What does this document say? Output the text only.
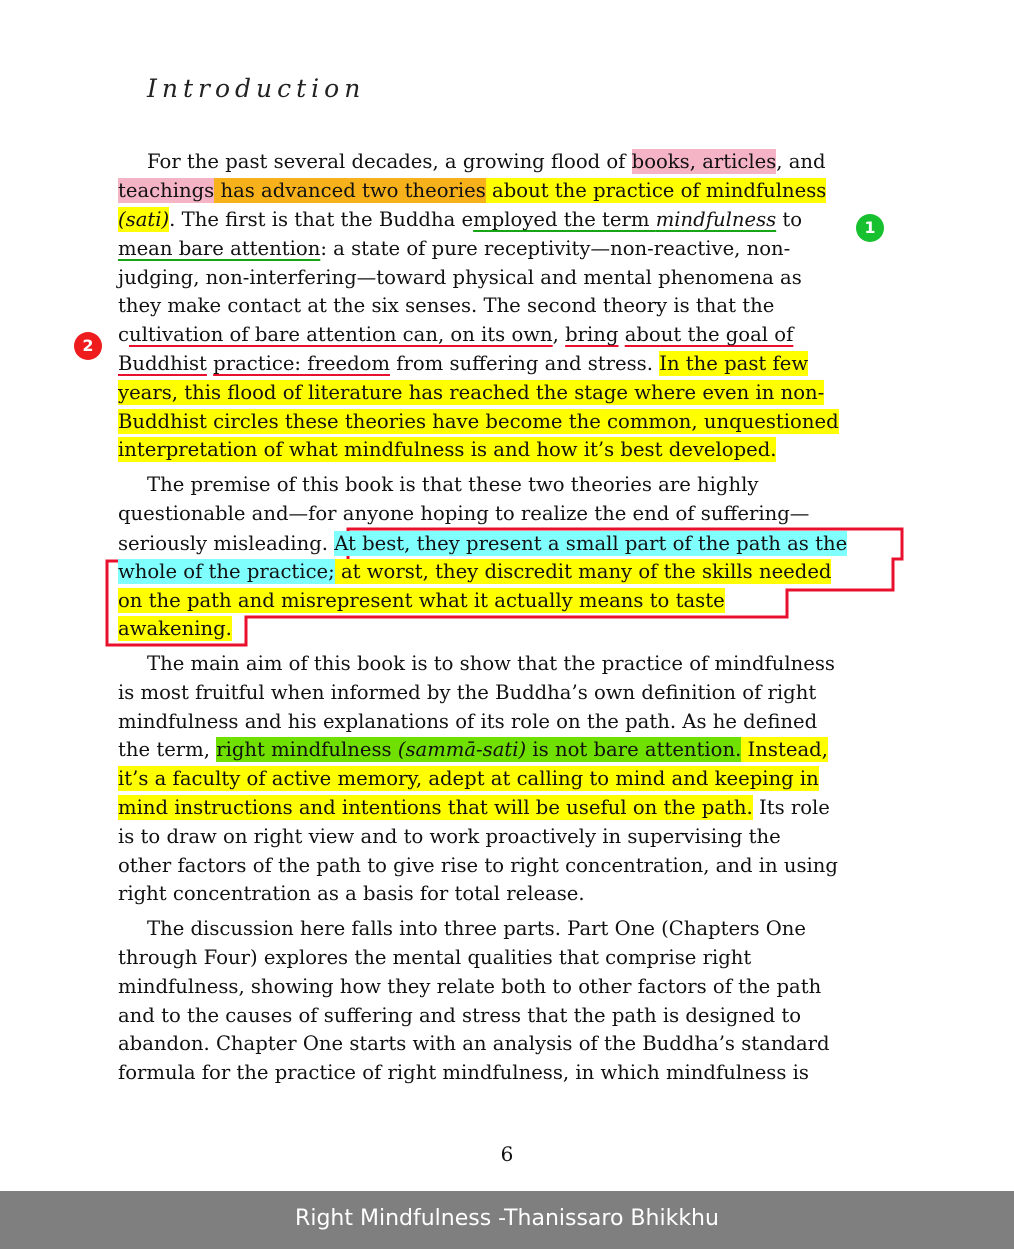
Introduction
For the past several decades, a growing flood of books, articles, and
teachings has advanced two theories about the practice of mindfulness
(sati). The first is that the Buddha employed the term mindfulness to
mean bare attention: a state of pure receptivity—non-reactive, non-
judging, non-interfering—toward physical and mental phenomena as
they make contact at the six senses. The second theory is that the
cultivation of bare attention can, on its own, bring about the goal of
Buddhist practice: freedom from suffering and stress. In the past few
years, this flood of literature has reached the stage where even in non-
Buddhist circles these theories have become the common, unquestioned
interpretation of what mindfulness is and how it’s best developed.
The premise of this book is that these two theories are highly
questionable and—for anyone hoping to realize the end of suffering—
seriously misleading. At best, they present a small part of the path as the
whole of the practice; at worst, they discredit many of the skills needed
on the path and misrepresent what it actually means to taste
awakening.
The main aim of this book is to show that the practice of mindfulness
is most fruitful when informed by the Buddha’s own definition of right
mindfulness and his explanations of its role on the path. As he defined
the term, right mindfulness (sammā-sati) is not bare attention. Instead,
it’s a faculty of active memory, adept at calling to mind and keeping in
mind instructions and intentions that will be useful on the path. Its role
is to draw on right view and to work proactively in supervising the
other factors of the path to give rise to right concentration, and in using
right concentration as a basis for total release.
The discussion here falls into three parts. Part One (Chapters One
through Four) explores the mental qualities that comprise right
mindfulness, showing how they relate both to other factors of the path
and to the causes of suffering and stress that the path is designed to
abandon. Chapter One starts with an analysis of the Buddha’s standard
formula for the practice of right mindfulness, in which mindfulness is
1
2
6
Right Mindfulness -Thanissaro Bhikkhu
